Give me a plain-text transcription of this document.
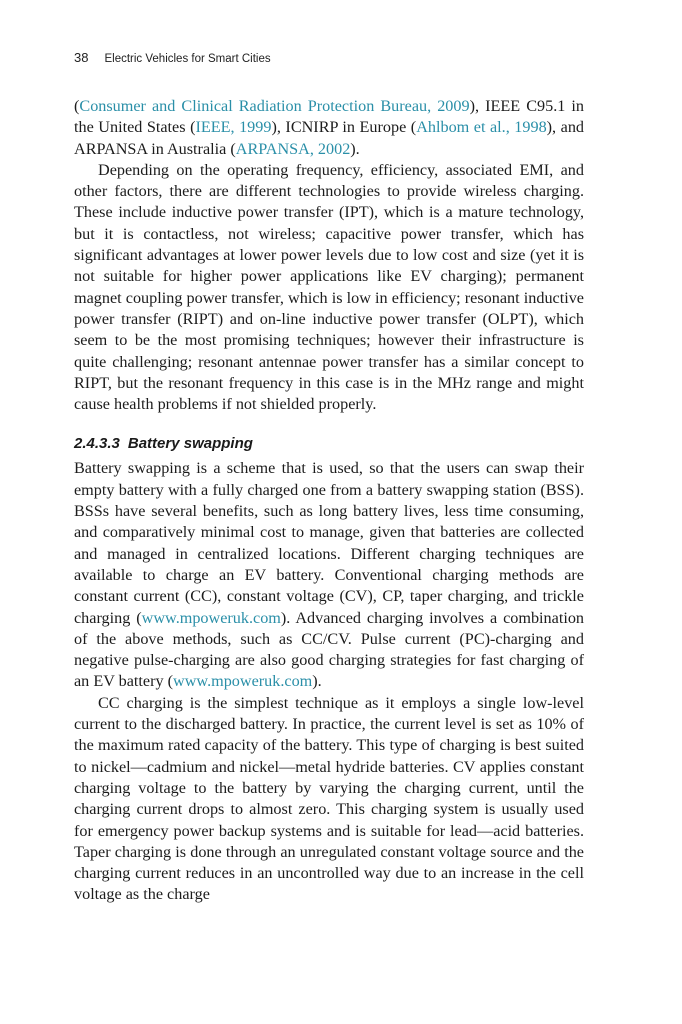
38 Electric Vehicles for Smart Cities

(Consumer and Clinical Radiation Protection Bureau, 2009), IEEE C95.1 in the United States (IEEE, 1999), ICNIRP in Europe (Ahlbom et al., 1998), and ARPANSA in Australia (ARPANSA, 2002).

Depending on the operating frequency, efficiency, associated EMI, and other factors, there are different technologies to provide wireless charging. These include inductive power transfer (IPT), which is a mature technology, but it is contactless, not wireless; capacitive power transfer, which has significant advantages at lower power levels due to low cost and size (yet it is not suitable for higher power applications like EV charging); permanent magnet coupling power transfer, which is low in efficiency; resonant inductive power transfer (RIPT) and on-line inductive power transfer (OLPT), which seem to be the most promising techniques; however their infrastructure is quite challenging; resonant antennae power transfer has a similar concept to RIPT, but the resonant frequency in this case is in the MHz range and might cause health problems if not shielded properly.

2.4.3.3 Battery swapping

Battery swapping is a scheme that is used, so that the users can swap their empty battery with a fully charged one from a battery swapping station (BSS). BSSs have several benefits, such as long battery lives, less time consuming, and comparatively minimal cost to manage, given that batteries are collected and managed in centralized locations. Different charging techniques are available to charge an EV battery. Conventional charging methods are constant current (CC), constant voltage (CV), CP, taper charging, and trickle charging (www.mpoweruk.com). Advanced charging involves a combination of the above methods, such as CC/CV. Pulse current (PC)-charging and negative pulse-charging are also good charging strategies for fast charging of an EV battery (www.mpoweruk.com).

CC charging is the simplest technique as it employs a single low-level current to the discharged battery. In practice, the current level is set as 10% of the maximum rated capacity of the battery. This type of charging is best suited to nickel—cadmium and nickel—metal hydride batteries. CV applies constant charging voltage to the battery by varying the charging current, until the charging current drops to almost zero. This charging system is usually used for emergency power backup systems and is suitable for lead—acid batteries. Taper charging is done through an unregulated constant voltage source and the charging current reduces in an uncontrolled way due to an increase in the cell voltage as the charge
